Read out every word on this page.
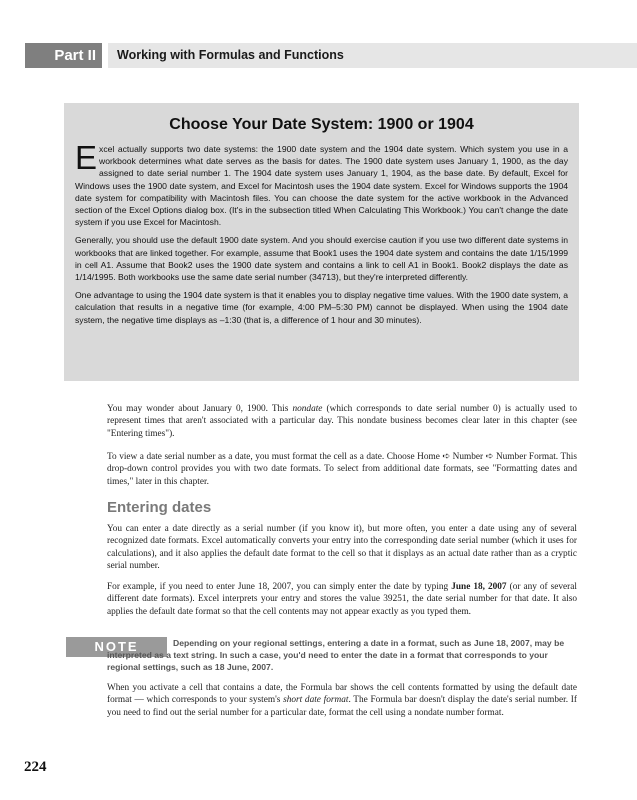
Part II	Working with Formulas and Functions
Choose Your Date System: 1900 or 1904

Excel actually supports two date systems: the 1900 date system and the 1904 date system. Which system you use in a workbook determines what date serves as the basis for dates. The 1900 date system uses January 1, 1900, as the day assigned to date serial number 1. The 1904 date system uses January 1, 1904, as the base date. By default, Excel for Windows uses the 1900 date system, and Excel for Macintosh uses the 1904 date system. Excel for Windows supports the 1904 date system for compatibility with Macintosh files. You can choose the date system for the active workbook in the Advanced section of the Excel Options dialog box. (It's in the subsection titled When Calculating This Workbook.) You can't change the date system if you use Excel for Macintosh.

Generally, you should use the default 1900 date system. And you should exercise caution if you use two different date systems in workbooks that are linked together. For example, assume that Book1 uses the 1904 date system and contains the date 1/15/1999 in cell A1. Assume that Book2 uses the 1900 date system and contains a link to cell A1 in Book1. Book2 displays the date as 1/14/1995. Both workbooks use the same date serial number (34713), but they're interpreted differently.

One advantage to using the 1904 date system is that it enables you to display negative time values. With the 1900 date system, a calculation that results in a negative time (for example, 4:00 PM–5:30 PM) cannot be displayed. When using the 1904 date system, the negative time displays as –1:30 (that is, a difference of 1 hour and 30 minutes).

You may wonder about January 0, 1900. This nondate (which corresponds to date serial number 0) is actually used to represent times that aren't associated with a particular day. This nondate business becomes clear later in this chapter (see "Entering times").

To view a date serial number as a date, you must format the cell as a date. Choose Home ➪ Number ➪ Number Format. This drop-down control provides you with two date formats. To select from additional date formats, see "Formatting dates and times," later in this chapter.

Entering dates

You can enter a date directly as a serial number (if you know it), but more often, you enter a date using any of several recognized date formats. Excel automatically converts your entry into the corresponding date serial number (which it uses for calculations), and it also applies the default date format to the cell so that it displays as an actual date rather than as a cryptic serial number.

For example, if you need to enter June 18, 2007, you can simply enter the date by typing June 18, 2007 (or any of several different date formats). Excel interprets your entry and stores the value 39251, the date serial number for that date. It also applies the default date format so that the cell contents may not appear exactly as you typed them.

NOTE	Depending on your regional settings, entering a date in a format, such as June 18, 2007, may be interpreted as a text string. In such a case, you'd need to enter the date in a format that corresponds to your regional settings, such as 18 June, 2007.

When you activate a cell that contains a date, the Formula bar shows the cell contents formatted by using the default date format — which corresponds to your system's short date format. The Formula bar doesn't display the date's serial number. If you need to find out the serial number for a particular date, format the cell using a nondate number format.

224
